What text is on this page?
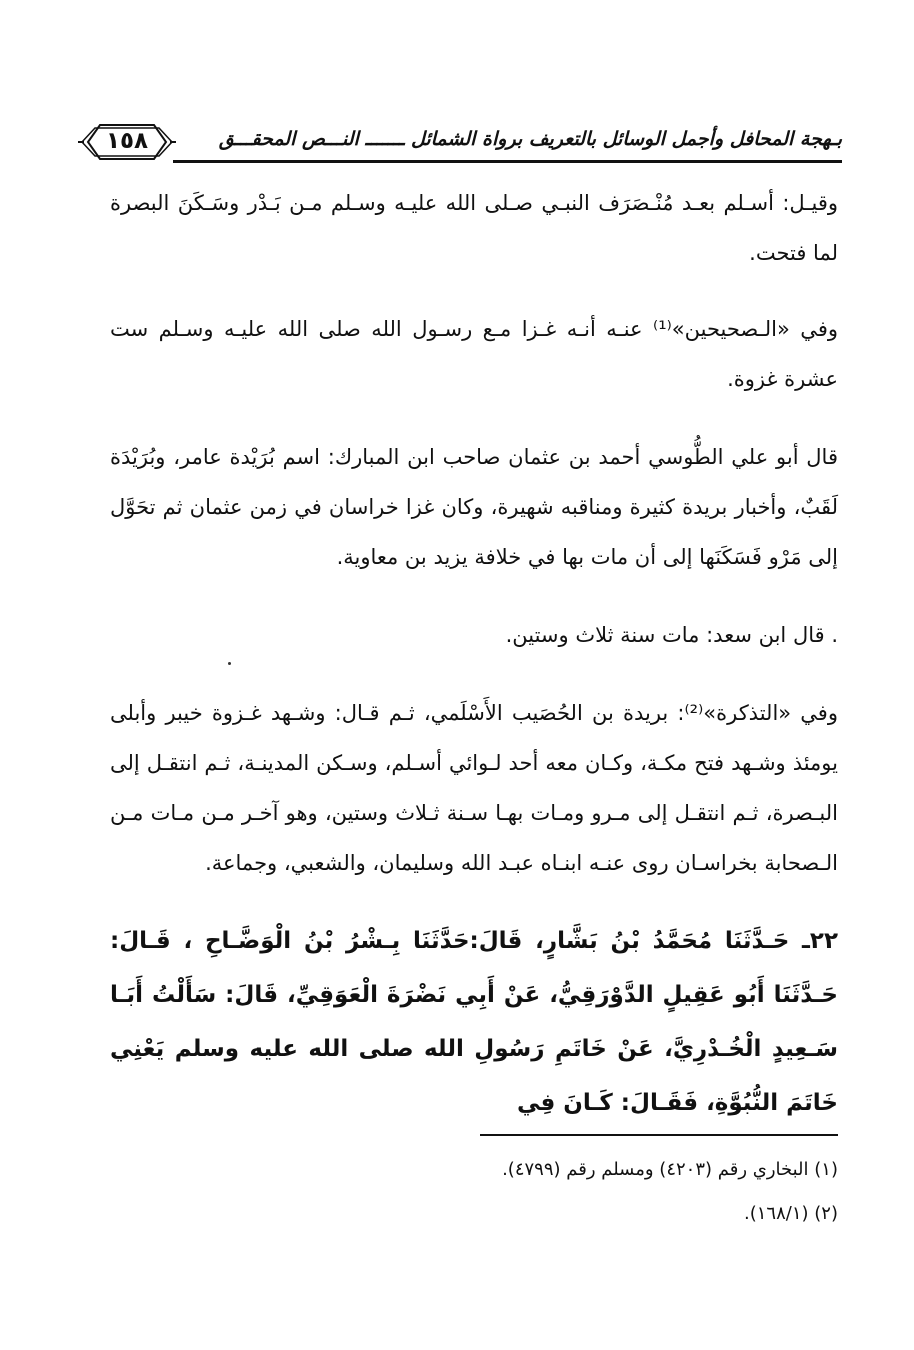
١٥٨	بـهجة المحافل وأجمل الوسائل بالتعريف برواة الشمائل ـــــــ النـــص المحقـــق

وقيـل: أسـلم بعـد مُنْـصَرَف النبـي صـلى الله عليـه وسـلم مـن بَـدْر وسَـكَنَ البصرة لما فتحت.

وفي «الـصحيحين»⁽¹⁾ عنـه أنـه غـزا مـع رسـول الله صلى الله عليـه وسـلم ست عشرة غزوة.

قال أبو علي الطُّوسي أحمد بن عثمان صاحب ابن المبارك: اسم بُرَيْدة عامر، وبُرَيْدَة لَقَبٌ، وأخبار بريدة كثيرة ومناقبه شهيرة، وكان غزا خراسان في زمن عثمان ثم تحَوَّل إلى مَرْو فَسَكَنَها إلى أن مات بها في خلافة يزيد بن معاوية.

. قال ابن سعد: مات سنة ثلاث وستين.

وفي «التذكرة»⁽²⁾: بريدة بن الحُصَيب الأَسْلَمي، ثـم قـال: وشـهد غـزوة خيبر وأبلى يومئذ وشـهد فتح مكـة، وكـان معه أحد لـوائي أسـلم، وسـكن المدينـة، ثـم انتقـل إلى البـصرة، ثـم انتقـل إلى مـرو ومـات بهـا سـنة ثـلاث وستين، وهو آخـر مـن مـات مـن الـصحابة بخراسـان روى عنـه ابنـاه عبـد الله وسليمان، والشعبي، وجماعة.

٢٢ـ حَـدَّثَنَا مُحَمَّدُ بْنُ بَشَّارٍ، قَالَ:حَدَّثَنَا بِـشْرُ بْنُ الْوَضَّـاحِ ، قَـالَ: حَـدَّثَنَا أَبُو عَقِيلٍ الدَّوْرَقِيُّ، عَنْ أَبِي نَضْرَةَ الْعَوَقِيِّ، قَالَ: سَأَلْتُ أَبَـا سَـعِيدٍ الْخُـدْرِيَّ، عَنْ خَاتَمِ رَسُولِ الله صلى الله عليه وسلم يَعْنِي خَاتَمَ النُّبُوَّةِ، فَقَـالَ: كَـانَ فِي

(١) البخاري رقم (٤٢٠٣) ومسلم رقم (٤٧٩٩).

(٢) (١٦٨/١).
